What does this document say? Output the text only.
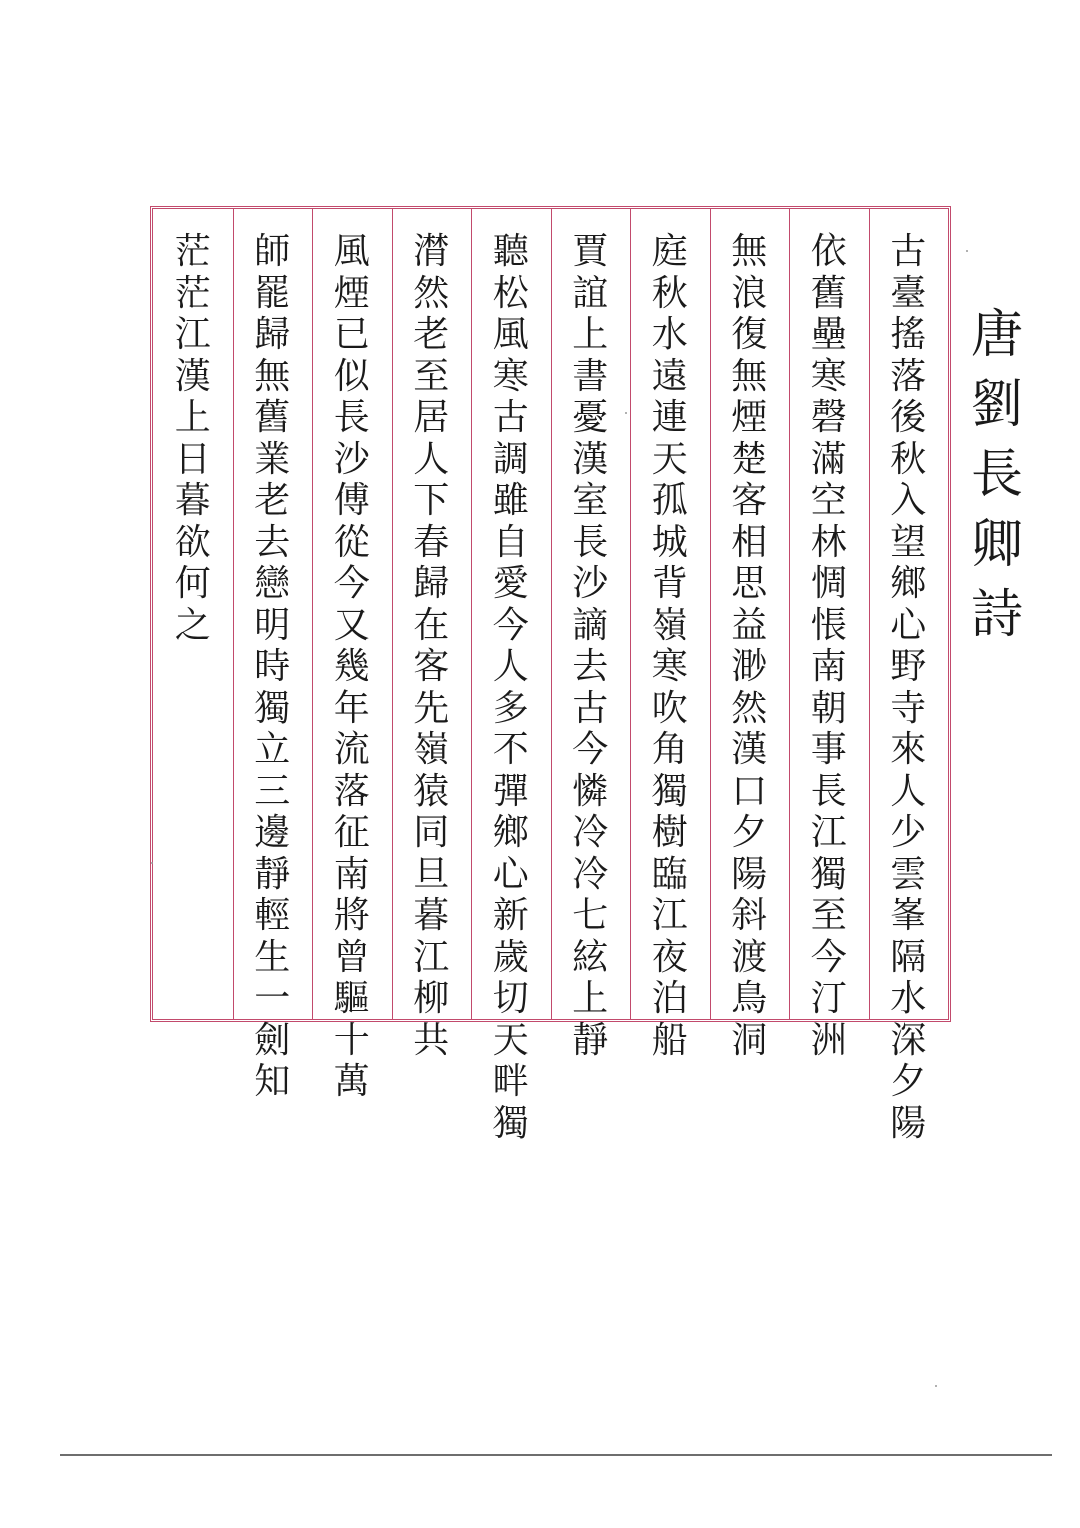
唐
劉
長
卿
詩
古
臺
搖
落
後
秋
入
望
鄉
心
野
寺
來
人
少
雲
峯
隔
水
深
夕
陽
依
舊
壘
寒
磬
滿
空
林
惆
悵
南
朝
事
長
江
獨
至
今
汀
洲
無
浪
復
無
煙
楚
客
相
思
益
渺
然
漢
口
夕
陽
斜
渡
鳥
洞
庭
秋
水
遠
連
天
孤
城
背
嶺
寒
吹
角
獨
樹
臨
江
夜
泊
船
賈
誼
上
書
憂
漢
室
長
沙
謫
去
古
今
憐
冷
冷
七
絃
上
靜
聽
松
風
寒
古
調
雖
自
愛
今
人
多
不
彈
鄉
心
新
歲
切
天
畔
獨
潸
然
老
至
居
人
下
春
歸
在
客
先
嶺
猿
同
旦
暮
江
柳
共
風
煙
已
似
長
沙
傅
從
今
又
幾
年
流
落
征
南
將
曾
驅
十
萬
師
罷
歸
無
舊
業
老
去
戀
明
時
獨
立
三
邊
靜
輕
生
一
劍
知
茫
茫
江
漢
上
日
暮
欲
何
之
